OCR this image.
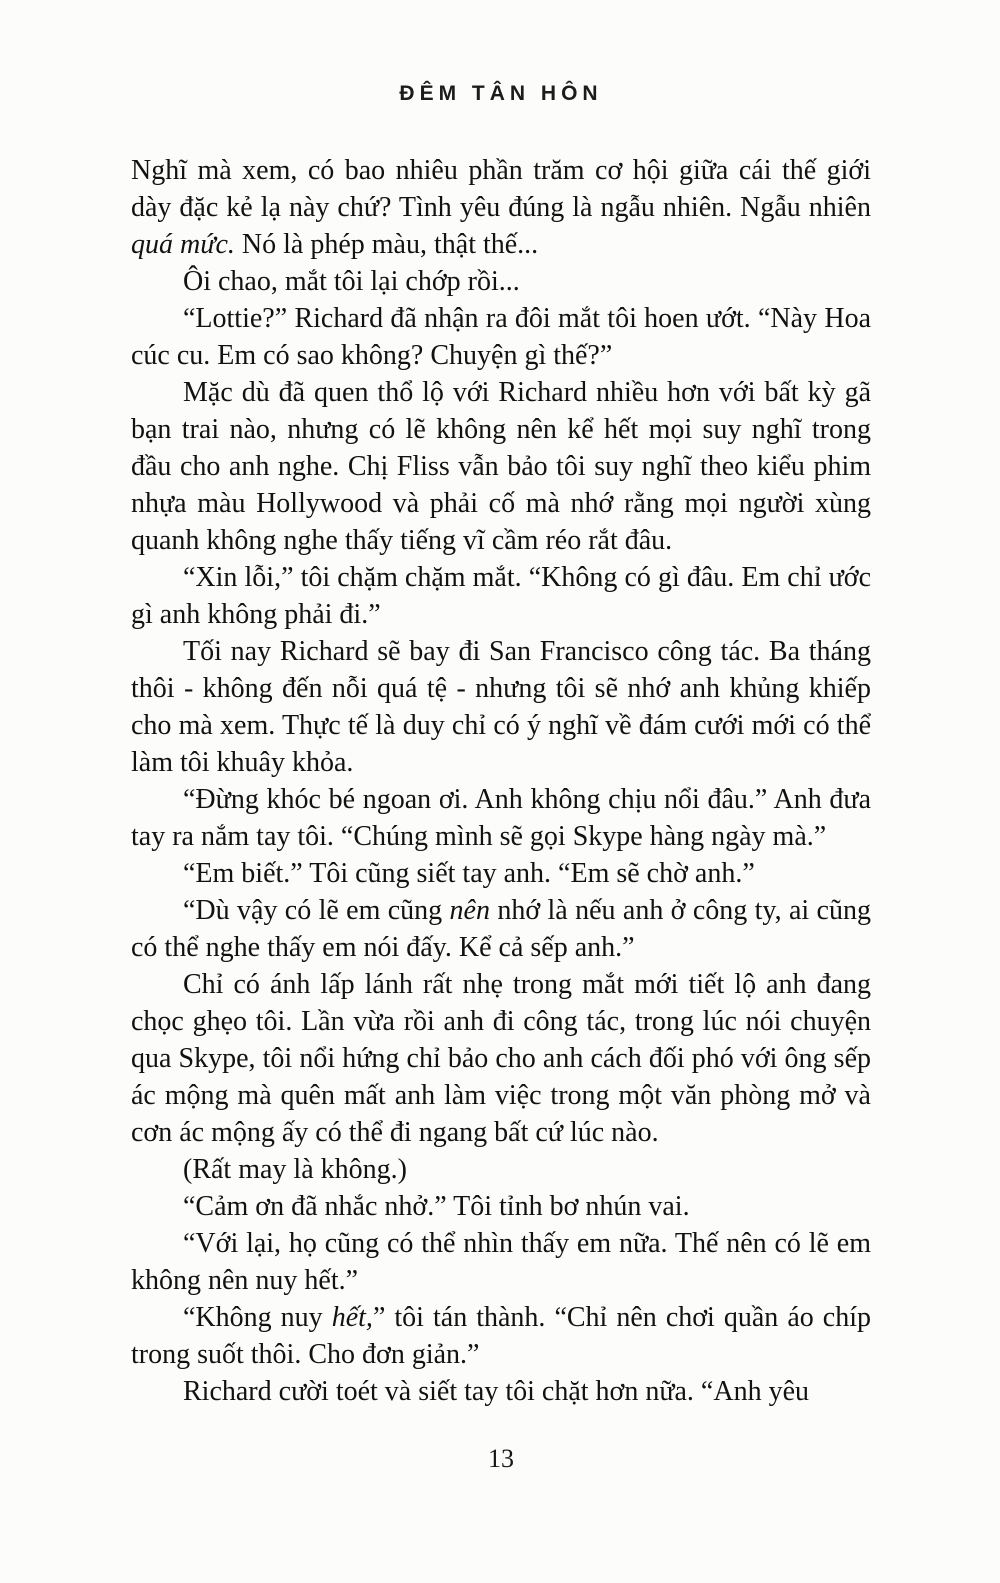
ĐÊM TÂN HÔN

Nghĩ mà xem, có bao nhiêu phần trăm cơ hội giữa cái thế giới dày đặc kẻ lạ này chứ? Tình yêu đúng là ngẫu nhiên. Ngẫu nhiên quá mức. Nó là phép màu, thật thế...

Ôi chao, mắt tôi lại chớp rồi...

“Lottie?” Richard đã nhận ra đôi mắt tôi hoen ướt. “Này Hoa cúc cu. Em có sao không? Chuyện gì thế?”

Mặc dù đã quen thổ lộ với Richard nhiều hơn với bất kỳ gã bạn trai nào, nhưng có lẽ không nên kể hết mọi suy nghĩ trong đầu cho anh nghe. Chị Fliss vẫn bảo tôi suy nghĩ theo kiểu phim nhựa màu Hollywood và phải cố mà nhớ rằng mọi người xùng quanh không nghe thấy tiếng vĩ cầm réo rắt đâu.

“Xin lỗi,” tôi chặm chặm mắt. “Không có gì đâu. Em chỉ ước gì anh không phải đi.”

Tối nay Richard sẽ bay đi San Francisco công tác. Ba tháng thôi - không đến nỗi quá tệ - nhưng tôi sẽ nhớ anh khủng khiếp cho mà xem. Thực tế là duy chỉ có ý nghĩ về đám cưới mới có thể làm tôi khuây khỏa.

“Đừng khóc bé ngoan ơi. Anh không chịu nổi đâu.” Anh đưa tay ra nắm tay tôi. “Chúng mình sẽ gọi Skype hàng ngày mà.”

“Em biết.” Tôi cũng siết tay anh. “Em sẽ chờ anh.”

“Dù vậy có lẽ em cũng nên nhớ là nếu anh ở công ty, ai cũng có thể nghe thấy em nói đấy. Kể cả sếp anh.”

Chỉ có ánh lấp lánh rất nhẹ trong mắt mới tiết lộ anh đang chọc ghẹo tôi. Lần vừa rồi anh đi công tác, trong lúc nói chuyện qua Skype, tôi nổi hứng chỉ bảo cho anh cách đối phó với ông sếp ác mộng mà quên mất anh làm việc trong một văn phòng mở và cơn ác mộng ấy có thể đi ngang bất cứ lúc nào.

(Rất may là không.)

“Cảm ơn đã nhắc nhở.” Tôi tỉnh bơ nhún vai.

“Với lại, họ cũng có thể nhìn thấy em nữa. Thế nên có lẽ em không nên nuy hết.”

“Không nuy hết,” tôi tán thành. “Chỉ nên chơi quần áo chíp trong suốt thôi. Cho đơn giản.”

Richard cười toét và siết tay tôi chặt hơn nữa. “Anh yêu

13
